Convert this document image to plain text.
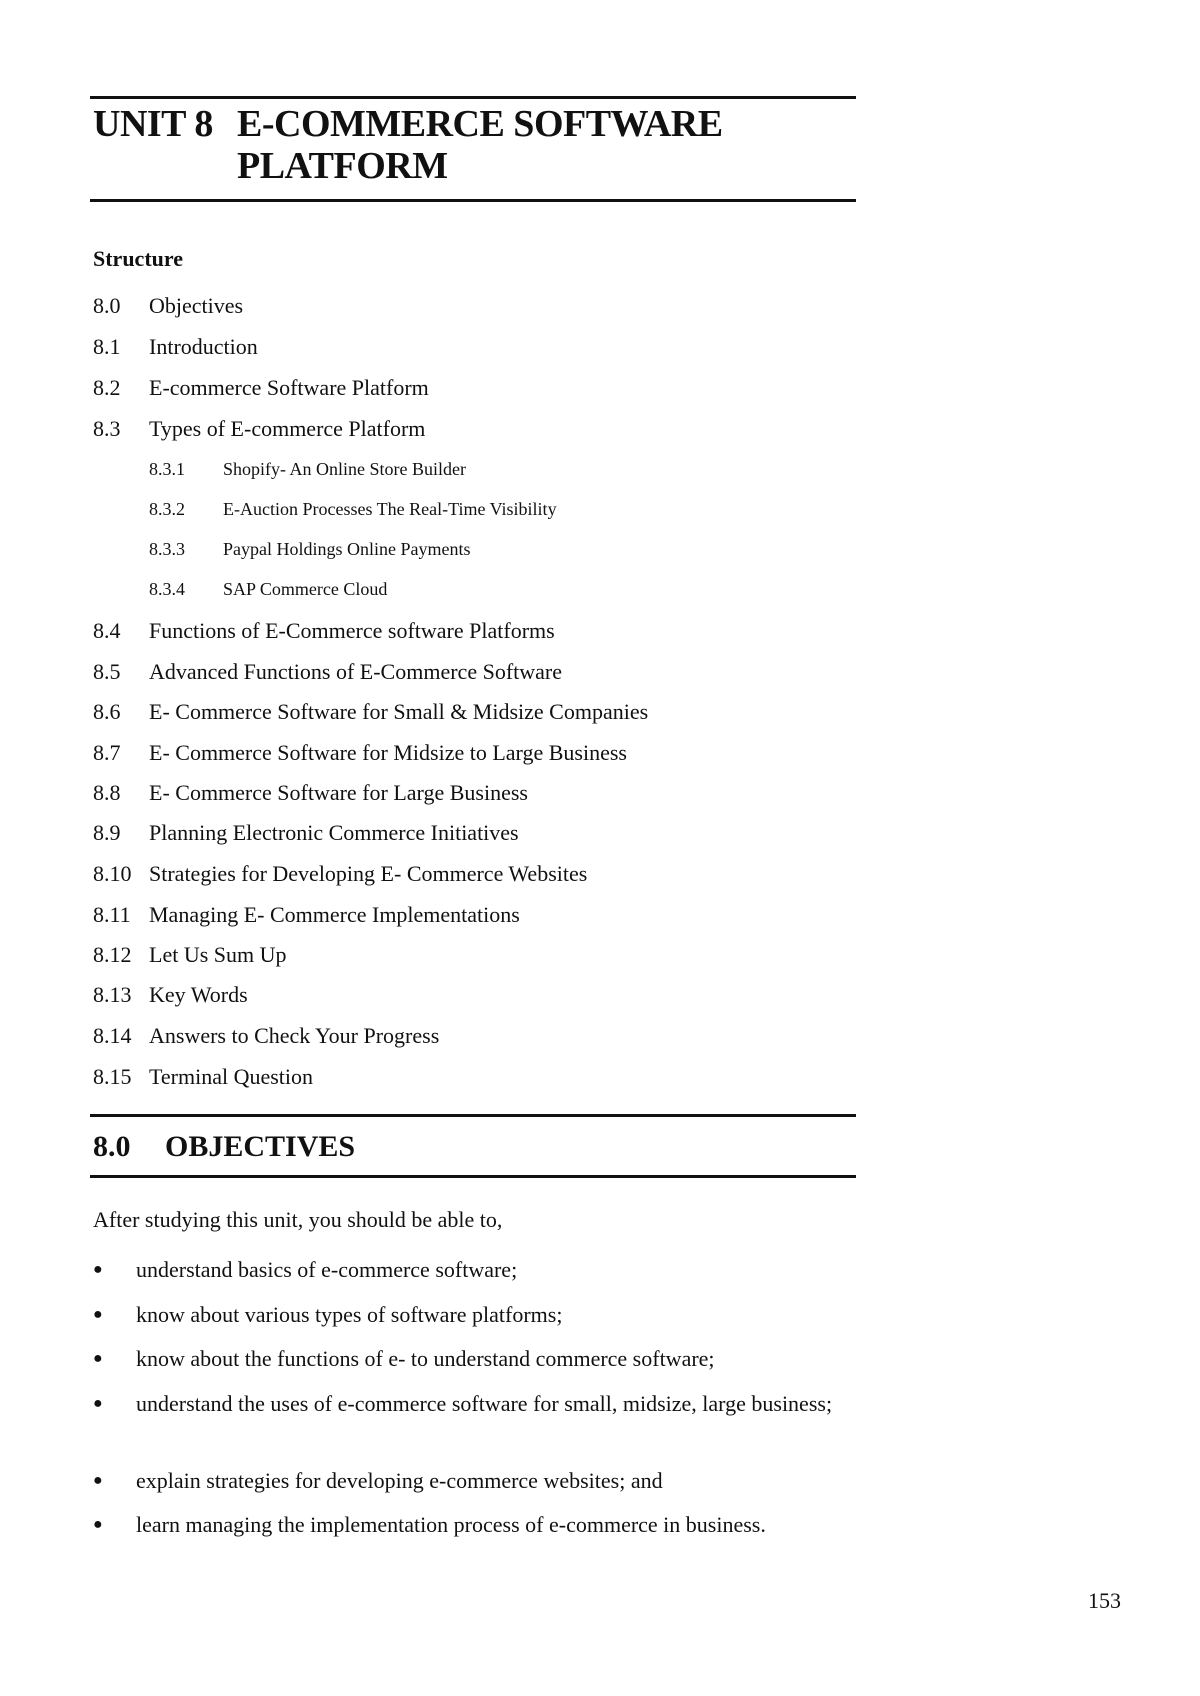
UNIT 8 E-COMMERCE SOFTWARE
PLATFORM
Structure
8.0 Objectives
8.1 Introduction
8.2 E-commerce Software Platform
8.3 Types of E-commerce Platform
8.3.1 Shopify- An Online Store Builder
8.3.2 E-Auction Processes The Real-Time Visibility
8.3.3 Paypal Holdings Online Payments
8.3.4 SAP Commerce Cloud
8.4 Functions of E-Commerce software Platforms
8.5 Advanced Functions of E-Commerce Software
8.6 E- Commerce Software for Small & Midsize Companies
8.7 E- Commerce Software for Midsize to Large Business
8.8 E- Commerce Software for Large Business
8.9 Planning Electronic Commerce Initiatives
8.10 Strategies for Developing E- Commerce Websites
8.11 Managing E- Commerce Implementations
8.12 Let Us Sum Up
8.13 Key Words
8.14 Answers to Check Your Progress
8.15 Terminal Question
8.0 OBJECTIVES
After studying this unit, you should be able to,
● understand basics of e-commerce software;
● know about various types of software platforms;
● know about the functions of e- to understand commerce software;
● understand the uses of e-commerce software for small, midsize, large business;
● explain strategies for developing e-commerce websites; and
● learn managing the implementation process of e-commerce in business.
153
